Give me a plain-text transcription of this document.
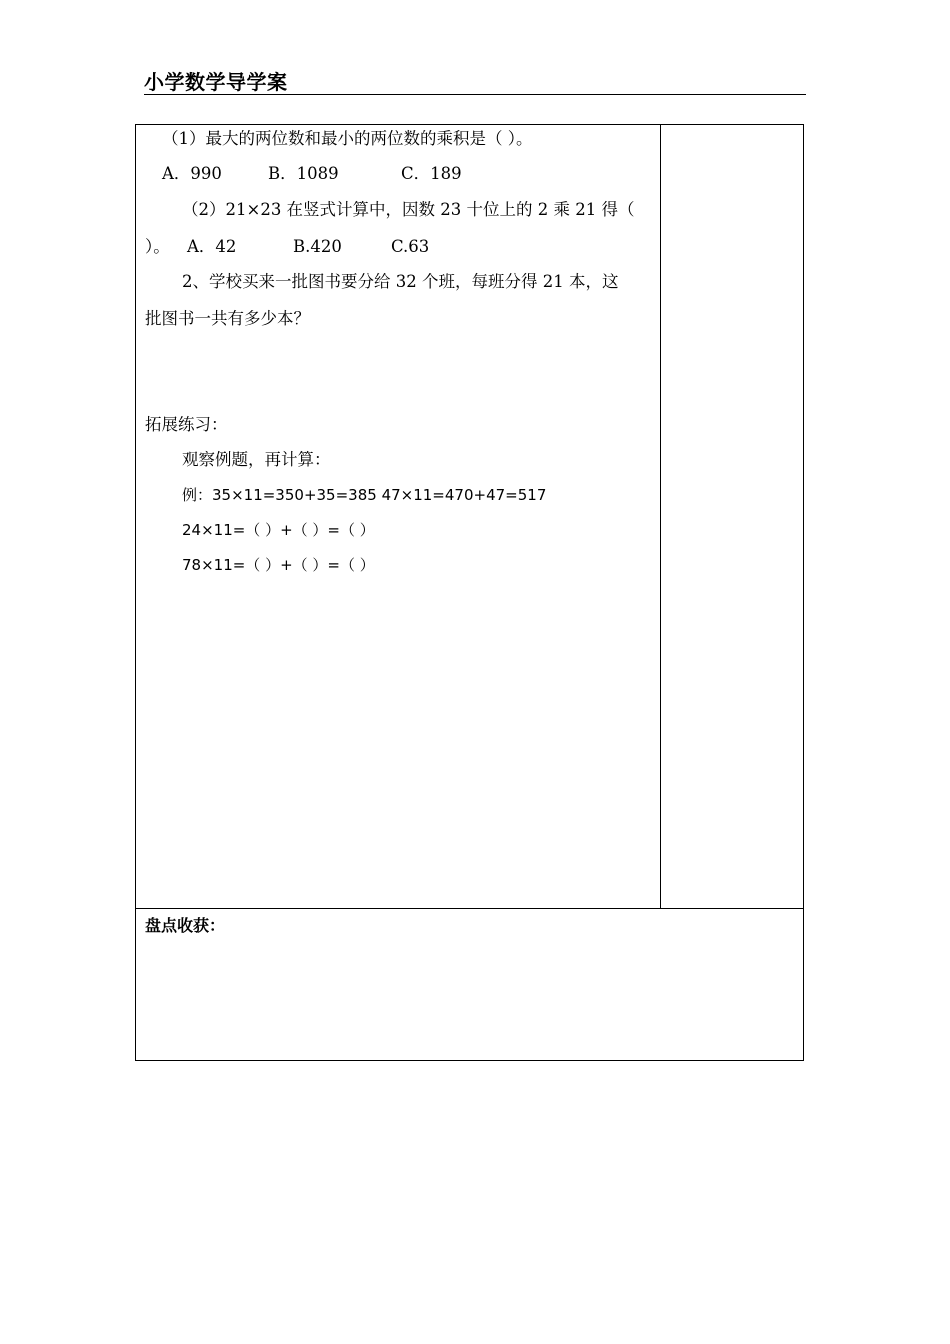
小学数学导学案
（1）最大的两位数和最小的两位数的乘积是（ ）。
A．990	B．1089	C．189
（2）21×23 在竖式计算中，因数 23 十位上的 2 乘 21 得（
）。 A．42	B.420	C.63
2、学校买来一批图书要分给 32 个班，每班分得 21 本，这
批图书一共有多少本？
拓展练习：
观察例题，再计算：
例：35×11=350+35=385 47×11=470+47=517
24×11=（ ）+（ ）=（ ）
78×11=（ ）+（ ）=（ ）
盘点收获：
